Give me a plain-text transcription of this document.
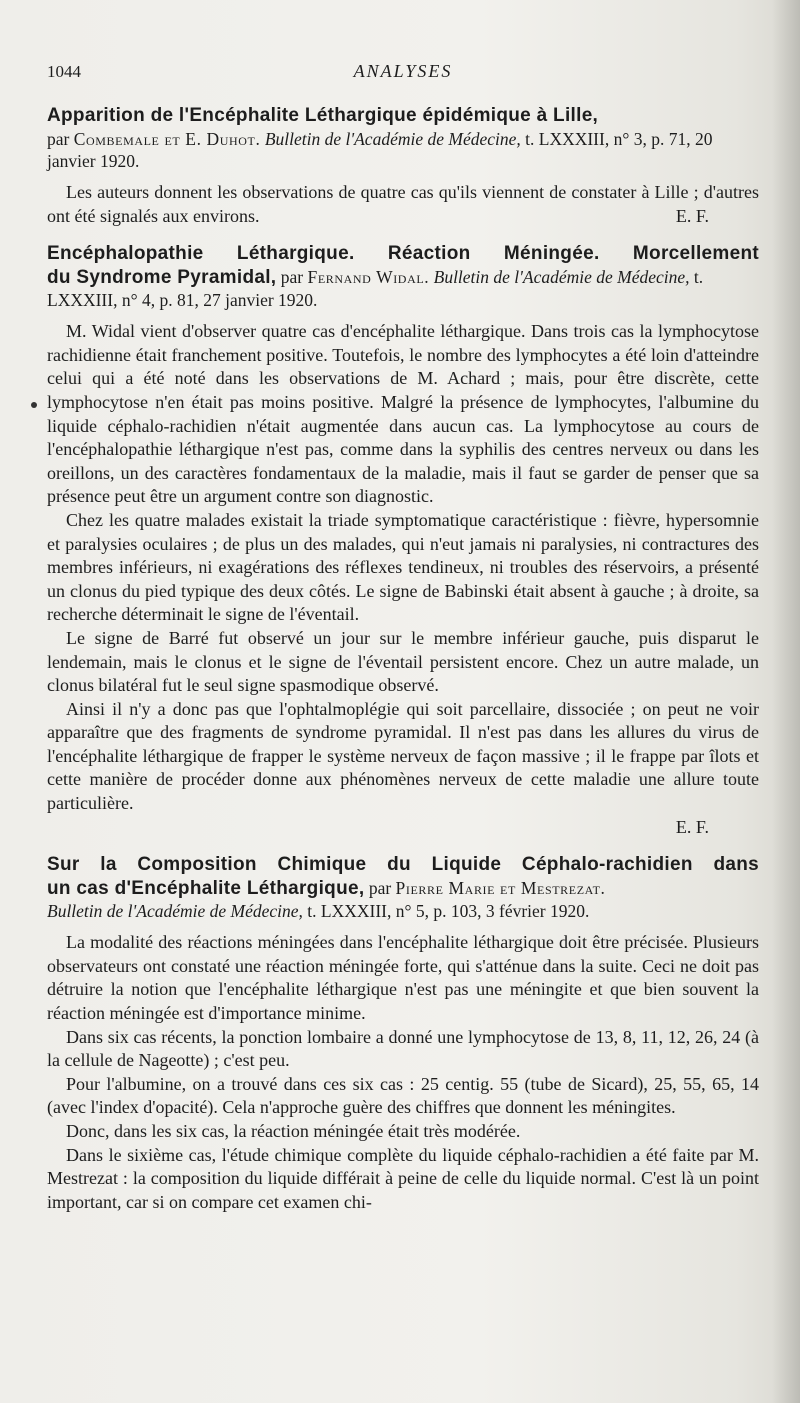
1044	ANALYSES
Apparition de l'Encéphalite Léthargique épidémique à Lille,
par Combemale et E. Duhot. Bulletin de l'Académie de Médecine, t. LXXXIII, n° 3, p. 71, 20 janvier 1920.

Les auteurs donnent les observations de quatre cas qu'ils viennent de constater à Lille ; d'autres ont été signalés aux environs.	E. F.

Encéphalopathie Léthargique. Réaction Méningée. Morcellement
du Syndrome Pyramidal, par Fernand Widal. Bulletin de l'Académie de Médecine, t. LXXXIII, n° 4, p. 81, 27 janvier 1920.

M. Widal vient d'observer quatre cas d'encéphalite léthargique. Dans trois cas la lymphocytose rachidienne était franchement positive. Toutefois, le nombre des lymphocytes a été loin d'atteindre celui qui a été noté dans les observations de M. Achard ; mais, pour être discrète, cette lymphocytose n'en était pas moins positive. Malgré la présence de lymphocytes, l'albumine du liquide céphalo-rachidien n'était augmentée dans aucun cas. La lymphocytose au cours de l'encéphalopathie léthargique n'est pas, comme dans la syphilis des centres nerveux ou dans les oreillons, un des caractères fondamentaux de la maladie, mais il faut se garder de penser que sa présence peut être un argument contre son diagnostic.

Chez les quatre malades existait la triade symptomatique caractéristique : fièvre, hypersomnie et paralysies oculaires ; de plus un des malades, qui n'eut jamais ni paralysies, ni contractures des membres inférieurs, ni exagérations des réflexes tendineux, ni troubles des réservoirs, a présenté un clonus du pied typique des deux côtés. Le signe de Babinski était absent à gauche ; à droite, sa recherche déterminait le signe de l'éventail.

Le signe de Barré fut observé un jour sur le membre inférieur gauche, puis disparut le lendemain, mais le clonus et le signe de l'éventail persistent encore. Chez un autre malade, un clonus bilatéral fut le seul signe spasmodique observé.

Ainsi il n'y a donc pas que l'ophtalmoplégie qui soit parcellaire, dissociée ; on peut ne voir apparaître que des fragments de syndrome pyramidal. Il n'est pas dans les allures du virus de l'encéphalite léthargique de frapper le système nerveux de façon massive ; il le frappe par îlots et cette manière de procéder donne aux phénomènes nerveux de cette maladie une allure toute particulière.

E. F.
Sur la Composition Chimique du Liquide Céphalo-rachidien dans
un cas d'Encéphalite Léthargique, par Pierre Marie et Mestrezat.
Bulletin de l'Académie de Médecine, t. LXXXIII, n° 5, p. 103, 3 février 1920.

La modalité des réactions méningées dans l'encéphalite léthargique doit être précisée. Plusieurs observateurs ont constaté une réaction méningée forte, qui s'atténue dans la suite. Ceci ne doit pas détruire la notion que l'encéphalite léthargique n'est pas une méningite et que bien souvent la réaction méningée est d'importance minime.

Dans six cas récents, la ponction lombaire a donné une lymphocytose de 13, 8, 11, 12, 26, 24 (à la cellule de Nageotte) ; c'est peu.

Pour l'albumine, on a trouvé dans ces six cas : 25 centig. 55 (tube de Sicard), 25, 55, 65, 14 (avec l'index d'opacité). Cela n'approche guère des chiffres que donnent les méningites.

Donc, dans les six cas, la réaction méningée était très modérée.

Dans le sixième cas, l'étude chimique complète du liquide céphalo-rachidien a été faite par M. Mestrezat : la composition du liquide différait à peine de celle du liquide normal. C'est là un point important, car si on compare cet examen chi-
